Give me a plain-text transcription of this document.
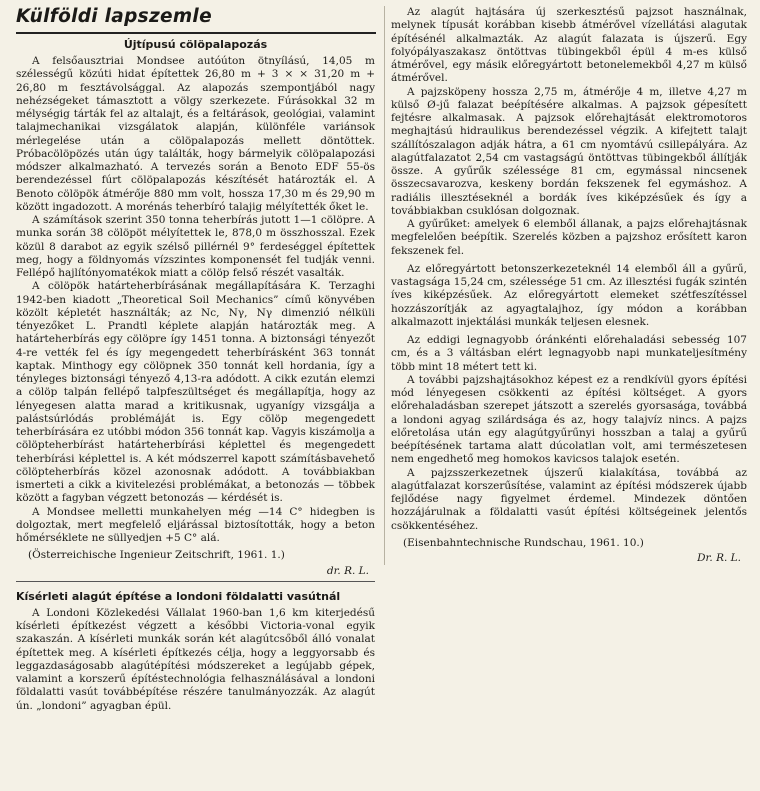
Külföldi lapszemle
Újtípusú cölöpalapozás

A felsőausztriai Mondsee autóúton ötnyílású, 14,05 m szélességű közúti hidat építettek 26,80 m + 3 × × 31,20 m + 26,80 m fesztávolsággal. Az alapozás szempontjából nagy nehézségeket támasztott a völgy szerkezete. Fúrásokkal 32 m mélységig tárták fel az altalajt, és a feltárások, geológiai, valamint talajmechanikai vizsgálatok alapján, különféle variánsok mérlegelése után a cölöpalapozás mellett döntöttek. Próbacölöpözés után úgy találták, hogy bármelyik cölöpalapozási módszer alkalmazható. A tervezés során a Benoto EDF 55-ös berendezéssel fúrt cölöpalapozás készítését határozták el. A Benoto cölöpök átmérője 880 mm volt, hossza 17,30 m és 29,90 m között ingadozott. A morénás teherbíró talajig mélyítették őket le.

A számítások szerint 350 tonna teherbírás jutott 1—1 cölöpre. A munka során 38 cölöpöt mélyítettek le, 878,0 m összhosszal. Ezek közül 8 darabot az egyik szélső pillérnél 9° ferdeséggel építettek meg, hogy a földnyomás vízszintes komponensét fel tudják venni. Fellépő hajlítónyomatékok miatt a cölöp felső részét vasalták.

A cölöpök határteherbírásának megállapítására K. Terzaghi 1942-ben kiadott „Theoretical Soil Mechanics” című könyvében közölt képletét használták; az Nc, Nγ, Nγ dimenzió nélküli tényezőket L. Prandtl képlete alapján határozták meg. A határteherbírás egy cölöpre így 1451 tonna. A biztonsági tényezőt 4-re vették fel és így megengedett teherbírásként 363 tonnát kaptak. Minthogy egy cölöpnek 350 tonnát kell hordania, így a tényleges biztonsági tényező 4,13-ra adódott. A cikk ezután elemzi a cölöp talpán fellépő talpfeszültséget és megállapítja, hogy az lényegesen alatta marad a kritikusnak, ugyanígy vizsgálja a palástsúrlódás problémáját is. Egy cölöp megengedett teherbírására ez utóbbi módon 356 tonnát kap. Vagyis kiszámolja a cölöpteherbírást határteherbírási képlettel és megengedett teherbírási képlettel is. A két módszerrel kapott számításbavehető cölöpteherbírás közel azonosnak adódott. A továbbiakban ismerteti a cikk a kivitelezési problémákat, a betonozás — többek között a fagyban végzett betonozás — kérdését is.

A Mondsee melletti munkahelyen még —14 C° hidegben is dolgoztak, mert megfelelő eljárással biztosították, hogy a beton hőmérséklete ne süllyedjen +5 C° alá.

(Österreichische Ingenieur Zeitschrift, 1961. 1.)

dr. R. L.

Kísérleti alagút építése a londoni földalatti vasútnál

A Londoni Közlekedési Vállalat 1960-ban 1,6 km kiterjedésű kísérleti építkezést végzett a későbbi Victoria-vonal egyik szakaszán. A kísérleti munkák során két alagútcsőből álló vonalat építettek meg. A kísérleti építkezés célja, hogy a leggyorsabb és leggazdaságosabb alagútépítési módszereket a legújabb gépek, valamint a korszerű építéstechnológia felhasználásával a londoni földalatti vasút továbbépítése részére tanulmányozzák. Az alagút ún. „londoni” agyagban épül.

Az alagút hajtására új szerkesztésű pajzsot használnak, melynek típusát korábban kisebb átmérővel vízellátási alagutak építésénél alkalmazták. Az alagút falazata is újszerű. Egy folyópályaszakasz öntöttvas tübingekből épül 4 m-es külső átmérővel, egy másik előregyártott betonelemekből 4,27 m külső átmérővel.

A pajzsköpeny hossza 2,75 m, átmérője 4 m, illetve 4,27 m külső Ø-jű falazat beépítésére alkalmas. A pajzsok gépesített fejtésre alkalmasak. A pajzsok előrehajtását elektromotoros meghajtású hidraulikus berendezéssel végzik. A kifejtett talajt szállítószalagon adják hátra, a 61 cm nyomtávú csillepályára. Az alagútfalazatot 2,54 cm vastagságú öntöttvas tübingekből állítják össze. A gyűrűk szélessége 81 cm, egymással nincsenek összecsavarozva, keskeny bordán fekszenek fel egymáshoz. A radiális illesztéseknél a bordák íves kiképzésűek és így a továbbiakban csuklósan dolgoznak.

A gyűrűket: amelyek 6 elemből állanak, a pajzs előrehajtásnak megfelelően beépítik. Szerelés közben a pajzshoz erősített karon fekszenek fel.

Az előregyártott betonszerkezeteknél 14 elemből áll a gyűrű, vastagsága 15,24 cm, szélessége 51 cm. Az illesztési fugák szintén íves kiképzésűek. Az előregyártott elemeket szétfeszítéssel hozzászorítják az agyagtalajhoz, így módon a korábban alkalmazott injektálási munkák teljesen elesnek.

Az eddigi legnagyobb óránkénti előrehaladási sebesség 107 cm, és a 3 váltásban elért legnagyobb napi munkateljesítmény több mint 18 métert tett ki.

A további pajzshajtásokhoz képest ez a rendkívül gyors építési mód lényegesen csökkenti az építési költséget. A gyors előrehaladásban szerepet játszott a szerelés gyorsasága, továbbá a londoni agyag szilárdsága és az, hogy talajvíz nincs. A pajzs előretolása után egy alagútgyűrűnyi hosszban a talaj a gyűrű beépítésének tartama alatt dúcolatlan volt, ami természetesen nem engedhető meg homokos kavicsos talajok esetén.

A pajzsszerkezetnek újszerű kialakítása, továbbá az alagútfalazat korszerűsítése, valamint az építési módszerek újabb fejlődése nagy figyelmet érdemel. Mindezek döntően hozzájárulnak a földalatti vasút építési költségeinek jelentős csökkentéséhez.

(Eisenbahntechnische Rundschau, 1961. 10.)

Dr. R. L.
